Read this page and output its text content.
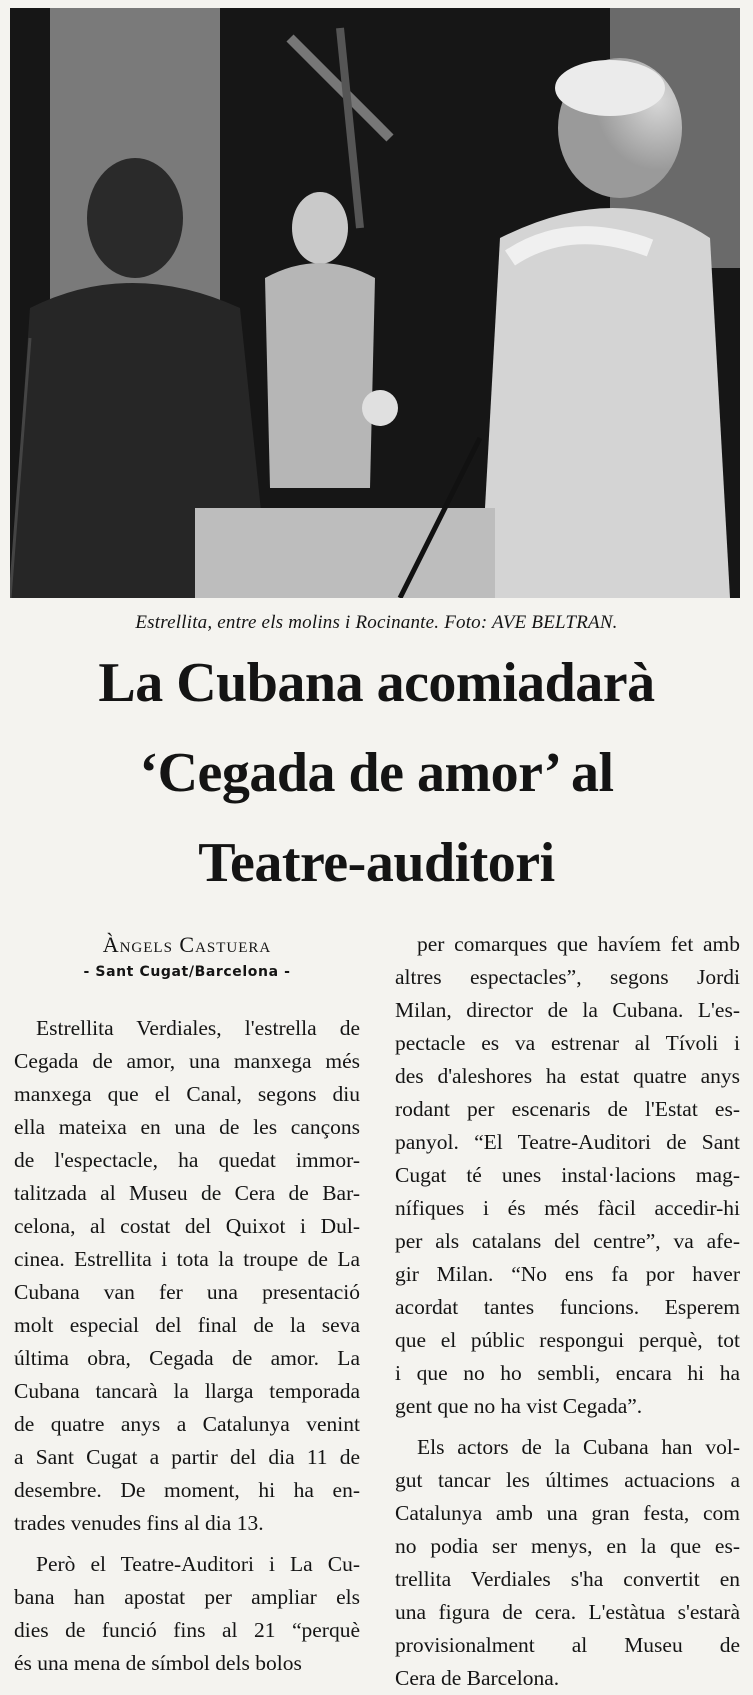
Estrellita, entre els molins i Rocinante. Foto: AVE BELTRAN.
La Cubana acomiadarà
‘Cegada de amor’ al
Teatre-auditori
Àngels Castuera
- Sant Cugat/Barcelona -
Estrellita Verdiales, l'estrella de
Cegada de amor, una manxega més
manxega que el Canal, segons diu
ella mateixa en una de les cançons
de l'espectacle, ha quedat immor-
talitzada al Museu de Cera de Bar-
celona, al costat del Quixot i Dul-
cinea. Estrellita i tota la troupe de La
Cubana van fer una presentació
molt especial del final de la seva
última obra, Cegada de amor. La
Cubana tancarà la llarga temporada
de quatre anys a Catalunya venint
a Sant Cugat a partir del dia 11 de
desembre. De moment, hi ha en-
trades venudes fins al dia 13.
Però el Teatre-Auditori i La Cu-
bana han apostat per ampliar els
dies de funció fins al 21 “perquè
és una mena de símbol dels bolos
per comarques que havíem fet amb
altres espectacles”, segons Jordi
Milan, director de la Cubana. L'es-
pectacle es va estrenar al Tívoli i
des d'aleshores ha estat quatre anys
rodant per escenaris de l'Estat es-
panyol. “El Teatre-Auditori de Sant
Cugat té unes instal·lacions mag-
nífiques i és més fàcil accedir-hi
per als catalans del centre”, va afe-
gir Milan. “No ens fa por haver
acordat tantes funcions. Esperem
que el públic respongui perquè, tot
i que no ho sembli, encara hi ha
gent que no ha vist Cegada”.
Els actors de la Cubana han vol-
gut tancar les últimes actuacions a
Catalunya amb una gran festa, com
no podia ser menys, en la que es-
trellita Verdiales s'ha convertit en
una figura de cera. L'estàtua s'estarà
provisionalment al Museu de
Cera de Barcelona.
